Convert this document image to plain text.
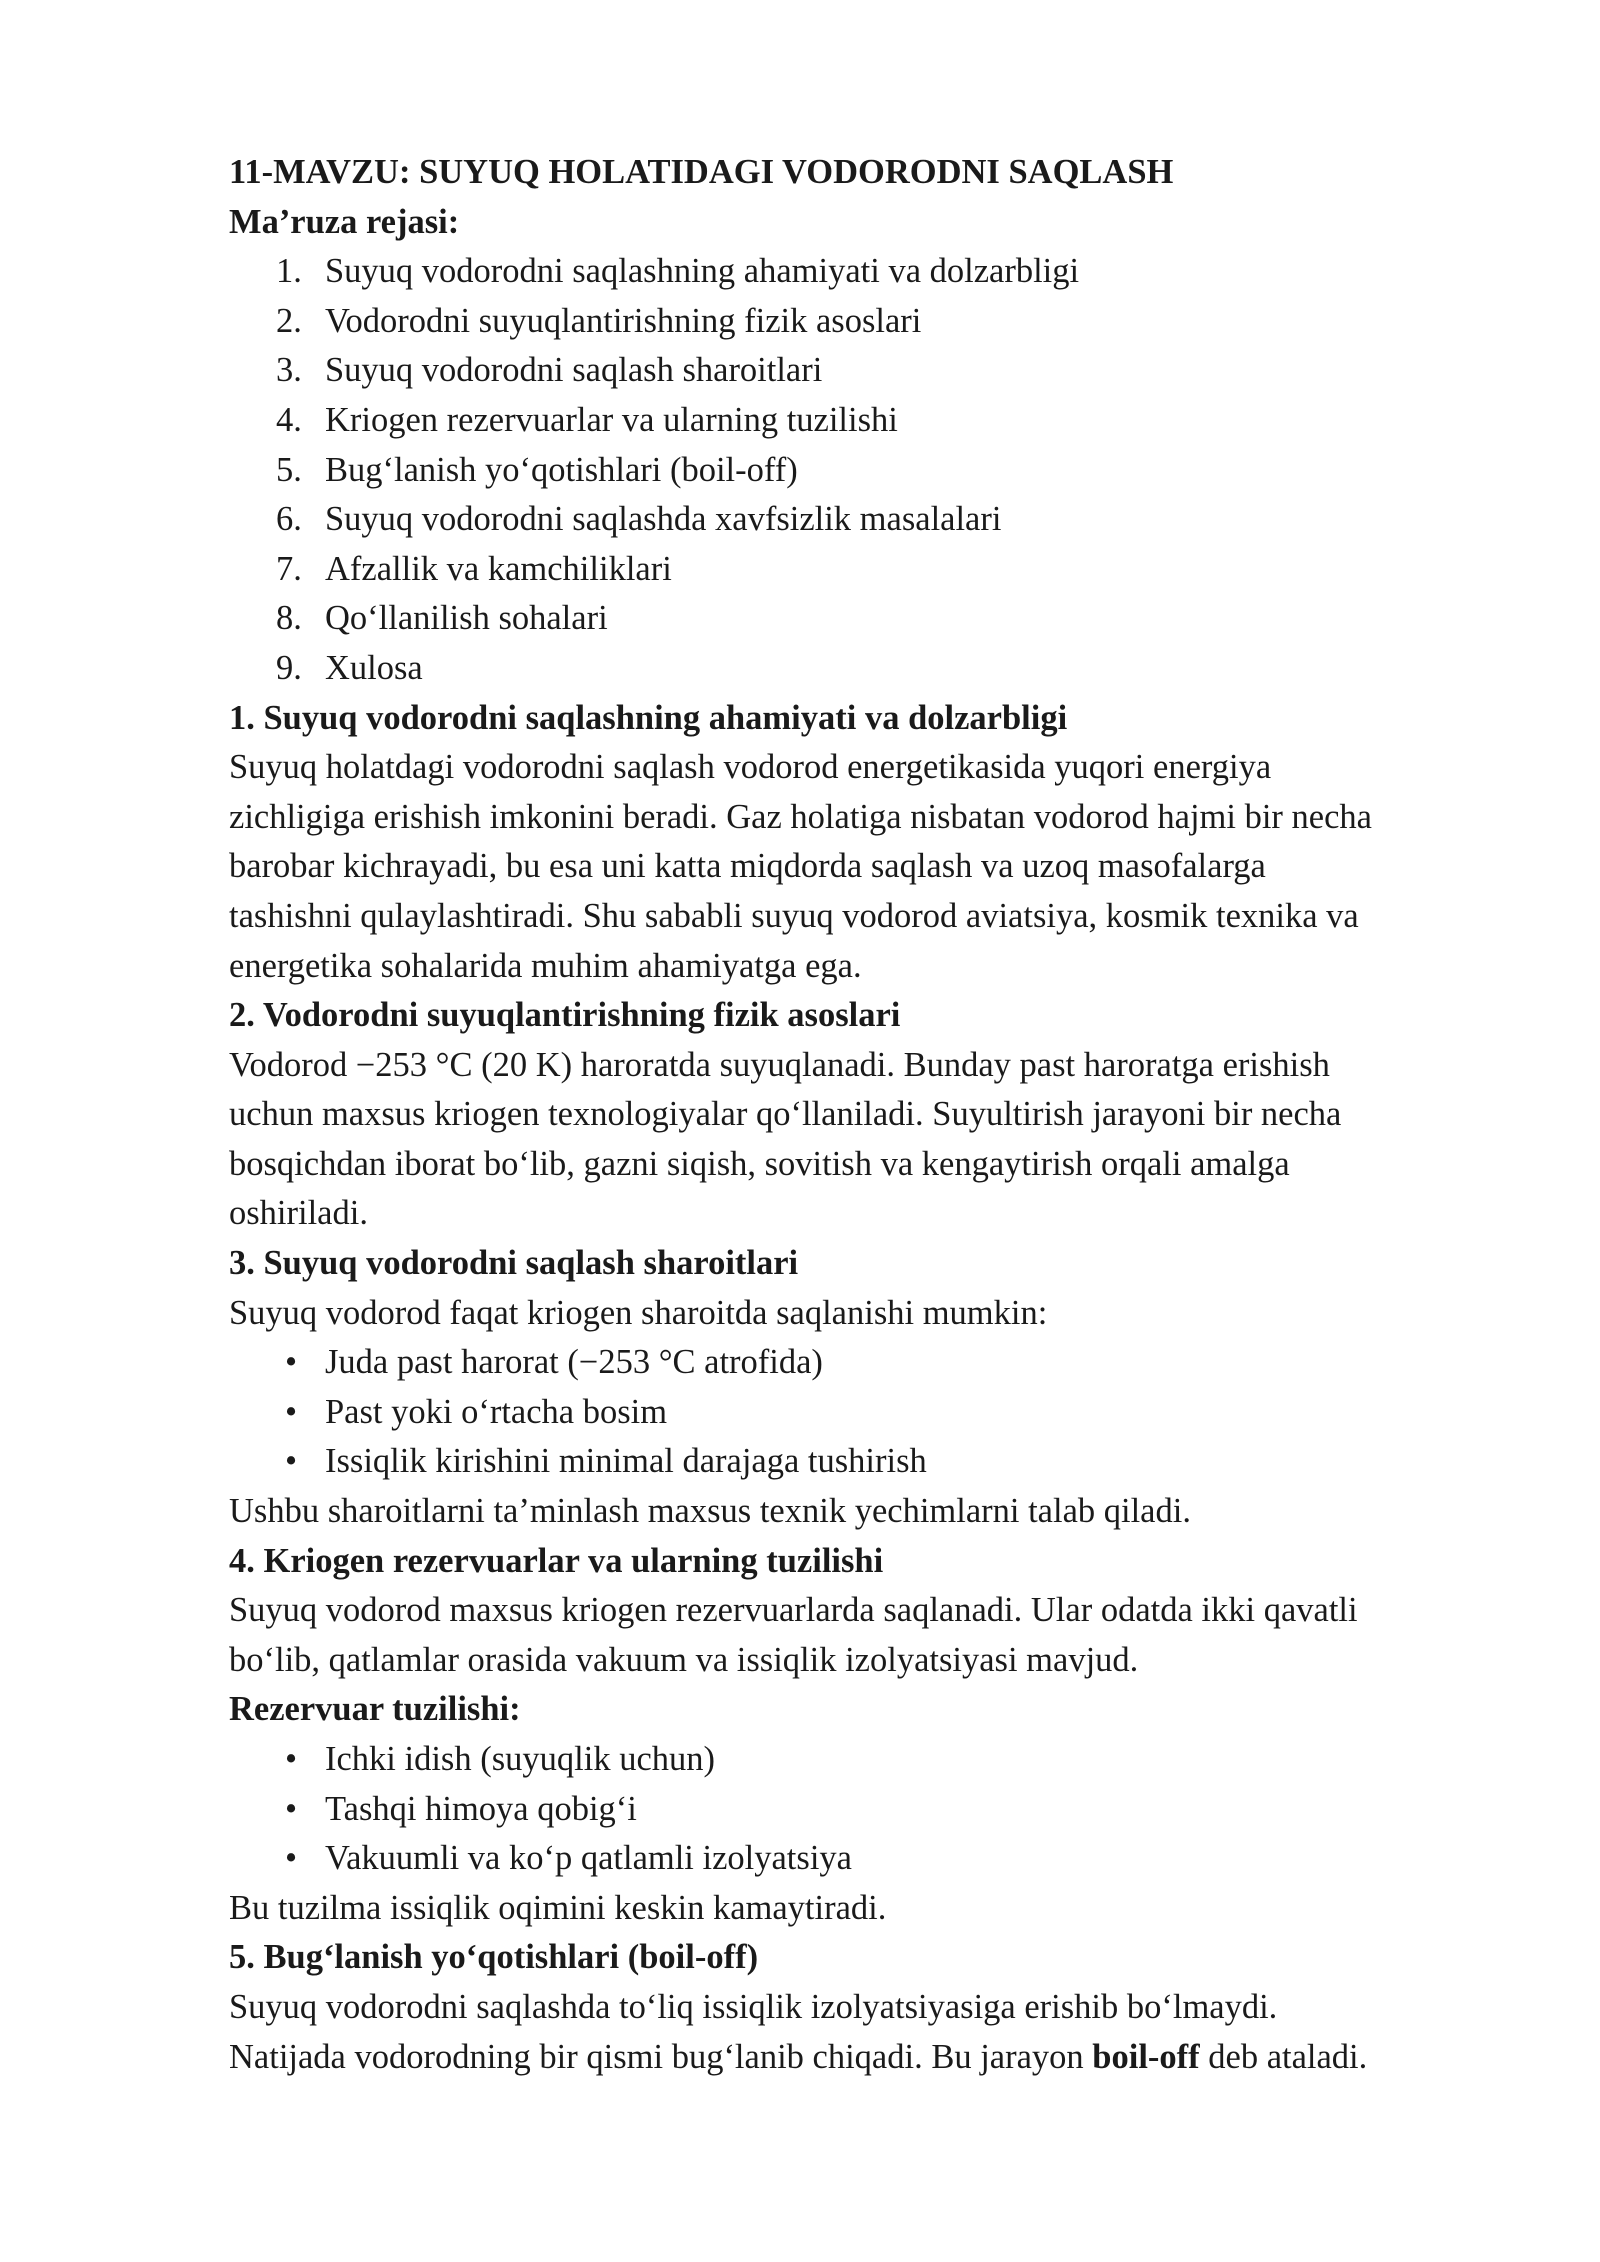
11-MAVZU: SUYUQ HOLATIDAGI VODORODNI SAQLASH

Ma’ruza rejasi:

1. Suyuq vodorodni saqlashning ahamiyati va dolzarbligi
2. Vodorodni suyuqlantirishning fizik asoslari
3. Suyuq vodorodni saqlash sharoitlari
4. Kriogen rezervuarlar va ularning tuzilishi
5. Bug‘lanish yo‘qotishlari (boil-off)
6. Suyuq vodorodni saqlashda xavfsizlik masalalari
7. Afzallik va kamchiliklari
8. Qo‘llanilish sohalari
9. Xulosa
1. Suyuq vodorodni saqlashning ahamiyati va dolzarbligi

Suyuq holatdagi vodorodni saqlash vodorod energetikasida yuqori energiya

zichligiga erishish imkonini beradi. Gaz holatiga nisbatan vodorod hajmi bir necha

barobar kichrayadi, bu esa uni katta miqdorda saqlash va uzoq masofalarga

tashishni qulaylashtiradi. Shu sababli suyuq vodorod aviatsiya, kosmik texnika va

energetika sohalarida muhim ahamiyatga ega.

2. Vodorodni suyuqlantirishning fizik asoslari

Vodorod −253 °C (20 K) haroratda suyuqlanadi. Bunday past haroratga erishish

uchun maxsus kriogen texnologiyalar qo‘llaniladi. Suyultirish jarayoni bir necha

bosqichdan iborat bo‘lib, gazni siqish, sovitish va kengaytirish orqali amalga

oshiriladi.

3. Suyuq vodorodni saqlash sharoitlari

Suyuq vodorod faqat kriogen sharoitda saqlanishi mumkin:

• Juda past harorat (−253 °C atrofida)
• Past yoki o‘rtacha bosim
• Issiqlik kirishini minimal darajaga tushirish

Ushbu sharoitlarni ta’minlash maxsus texnik yechimlarni talab qiladi.

4. Kriogen rezervuarlar va ularning tuzilishi

Suyuq vodorod maxsus kriogen rezervuarlarda saqlanadi. Ular odatda ikki qavatli

bo‘lib, qatlamlar orasida vakuum va issiqlik izolyatsiyasi mavjud.

Rezervuar tuzilishi:

• Ichki idish (suyuqlik uchun)
• Tashqi himoya qobig‘i
• Vakuumli va ko‘p qatlamli izolyatsiya

Bu tuzilma issiqlik oqimini keskin kamaytiradi.

5. Bug‘lanish yo‘qotishlari (boil-off)

Suyuq vodorodni saqlashda to‘liq issiqlik izolyatsiyasiga erishib bo‘lmaydi.

Natijada vodorodning bir qismi bug‘lanib chiqadi. Bu jarayon boil-off deb ataladi.
